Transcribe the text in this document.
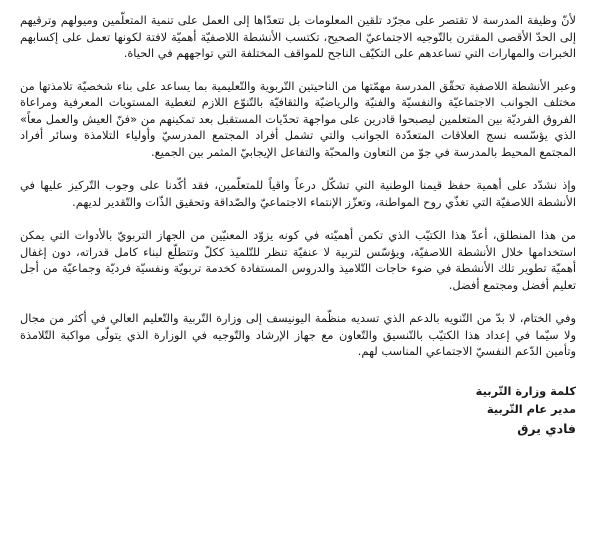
لأنّ وظيفة المدرسة لا تقتصر على مجرّد تلقين المعلومات بل تتعدّاها إلى العمل على تنمية المتعلّمين وميولهم وترقيهم إلى الحدّ الأقصى المقترن بالتّوجيه الاجتماعيّ الصحيح، تكتسب الأنشطة اللاصفيّة أهميّة لافتة لكونها تعمل على إكسابهم الخبرات والمهارات التي تساعدهم على التكيّف الناجح للمواقف المختلفة التي تواجههم في الحياة.

وعبر الأنشطة اللاصفية تحقّق المدرسة مهمّتها من الناحيتين التّربوية والتّعليمية بما يساعد على بناء شخصيّة تلامذتها من مختلف الجوانب الاجتماعيّة والنفسيّة والفنيّة والرياضيّة والثقافيّة بالتّنوّع اللازم لتغطية المستويات المعرفية ومراعاة الفروق الفرديّة بين المتعلمين ليصبحوا قادرين على مواجهة تحدّيات المستقبل بعد تمكينهم من «فنّ العيش والعمل معاً» الذي يؤسّسه نسج العلاقات المتعدّدة الجوانب والتي تشمل أفراد المجتمع المدرسيّ وأولياء التلامذة وسائر أفراد المجتمع المحيط بالمدرسة في جوّ من التعاون والمحبّة والتفاعل الإيجابيّ المثمر بين الجميع.

وإذ نشدّد على أهمية حفظ قيمنا الوطنية التي تشكّل درعاً واقياً للمتعلّمين، فقد أكّدنا على وجوب التّركيز عليها في الأنشطة اللاصفيّة التي تغذّي روح المواطنة، وتعزّز الإنتماء الاجتماعيّ والصّداقة وتحقيق الذّات والتّقدير لديهم.

من هذا المنطلق، أعدّ هذا الكتيّب الذي تكمن أهميّته في كونه يزوّد المعنيّين من الجهاز التربويّ بالأدوات التي يمكن استخدامها خلال الأنشطة اللاصفيّة، ويؤسّس لتربية لا عنفيّة تنظر للتّلميذ ككلّ وتتطلّع لبناء كامل قدراته، دون إغفال أهميّة تطوير تلك الأنشطة في ضوء حاجات التّلاميذ والدروس المستفادة كخدمة تربويّة ونفسيّة فرديّة وجماعيّة من أجل تعليم أفضل ومجتمع أفضل.

وفي الختام، لا بدّ من التّنويه بالدعم الذي تسديه منظّمة اليونيسف إلى وزارة التّربية والتّعليم العالي في أكثر من مجال ولا سيّما في إعداد هذا الكتيّب بالتّنسيق والتّعاون مع جهاز الإرشاد والتّوجيه في الوزارة الذي يتولّى مواكبة التّلامذة وتأمين الدّعم النفسيّ الاجتماعي المناسب لهم.

كلمة وزارة التّربية

مدير عام التّربية

فادي يرق
